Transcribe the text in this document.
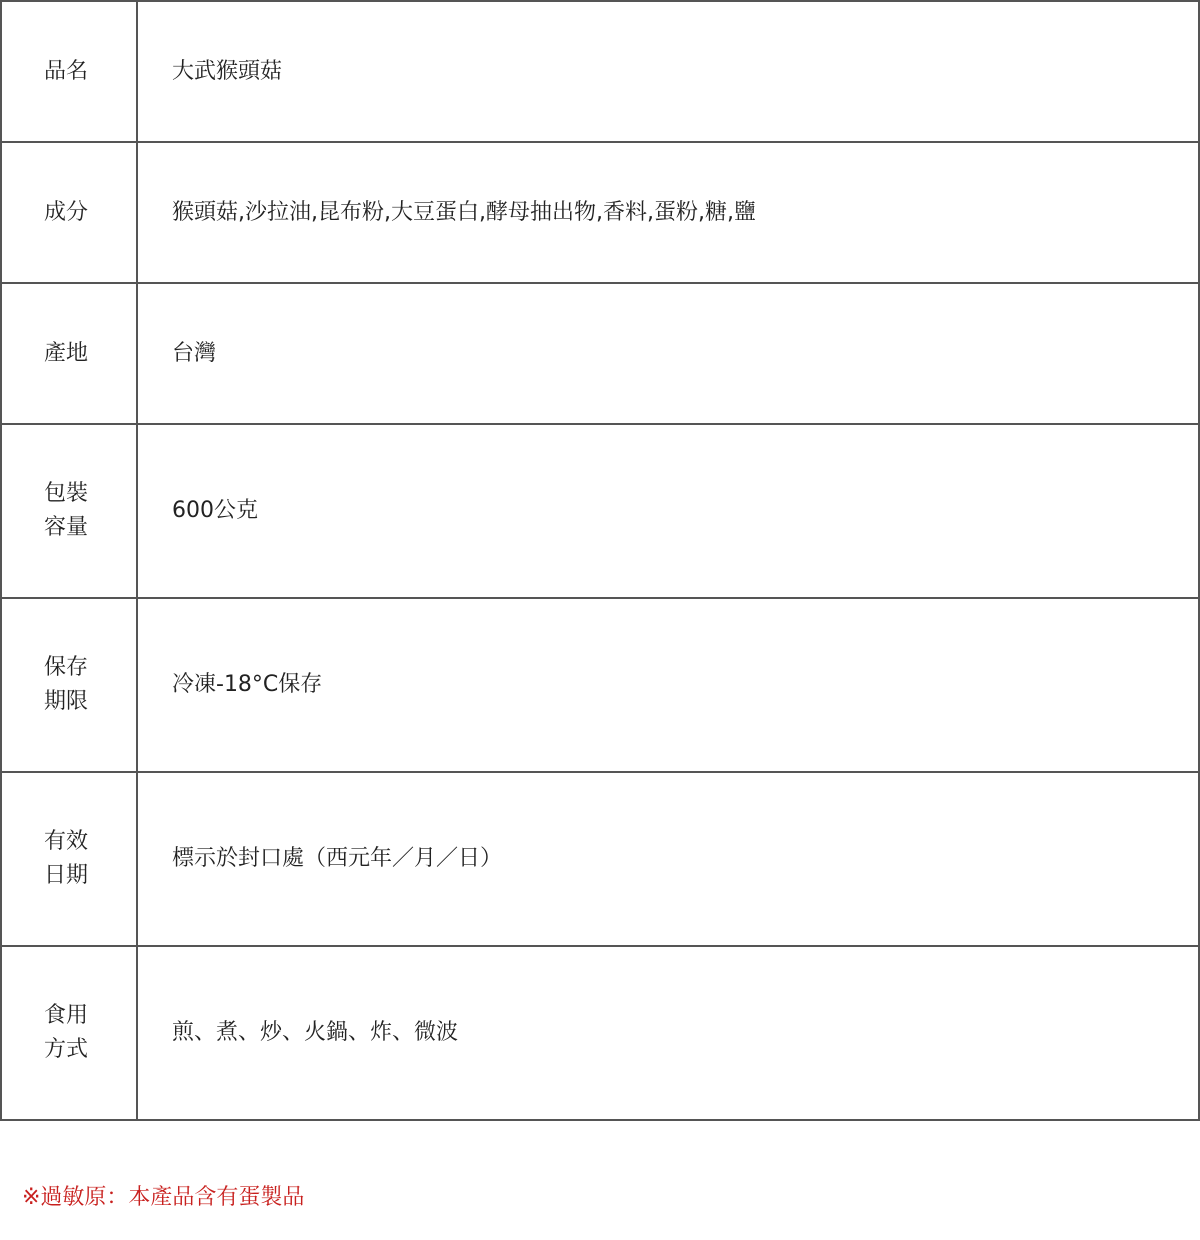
品名	大武猴頭菇
成分	猴頭菇,沙拉油,昆布粉,大豆蛋白,酵母抽出物,香料,蛋粉,糖,鹽
產地	台灣
包裝容量	600公克
保存期限	冷凍-18°C保存
有效日期	標示於封口處（西元年／月／日）
食用方式	煎、煮、炒、火鍋、炸、微波
※過敏原：本產品含有蛋製品
